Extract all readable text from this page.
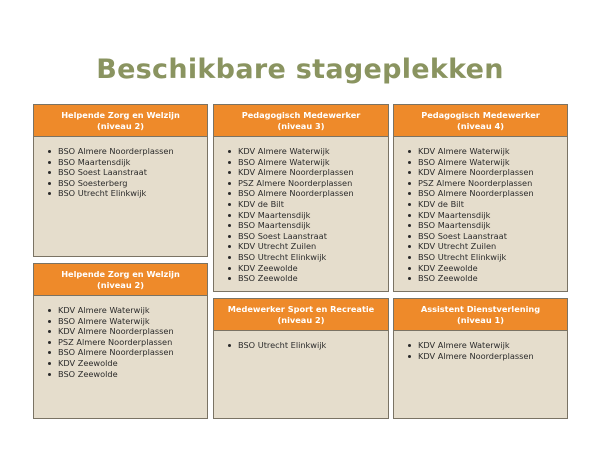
Beschikbare stageplekken
Helpende Zorg en Welzijn
(niveau 2)
BSO Almere Noorderplassen
BSO Maartensdijk
BSO Soest Laanstraat
BSO Soesterberg
BSO Utrecht Elinkwijk
Pedagogisch Medewerker
(niveau 3)
KDV Almere Waterwijk
BSO Almere Waterwijk
KDV Almere Noorderplassen
PSZ Almere Noorderplassen
BSO Almere Noorderplassen
KDV de Bilt
KDV Maartensdijk
BSO Maartensdijk
BSO Soest Laanstraat
KDV Utrecht Zuilen
BSO Utrecht Elinkwijk
KDV Zeewolde
BSO Zeewolde
Pedagogisch Medewerker
(niveau 4)
KDV Almere Waterwijk
BSO Almere Waterwijk
KDV Almere Noorderplassen
PSZ Almere Noorderplassen
BSO Almere Noorderplassen
KDV de Bilt
KDV Maartensdijk
BSO Maartensdijk
BSO Soest Laanstraat
KDV Utrecht Zuilen
BSO Utrecht Elinkwijk
KDV Zeewolde
BSO Zeewolde
Helpende Zorg en Welzijn
(niveau 2)
KDV Almere Waterwijk
BSO Almere Waterwijk
KDV Almere Noorderplassen
PSZ Almere Noorderplassen
BSO Almere Noorderplassen
KDV Zeewolde
BSO Zeewolde
Medewerker Sport en Recreatie
(niveau 2)
BSO Utrecht Elinkwijk
Assistent Dienstverlening
(niveau 1)
KDV Almere Waterwijk
KDV Almere Noorderplassen
